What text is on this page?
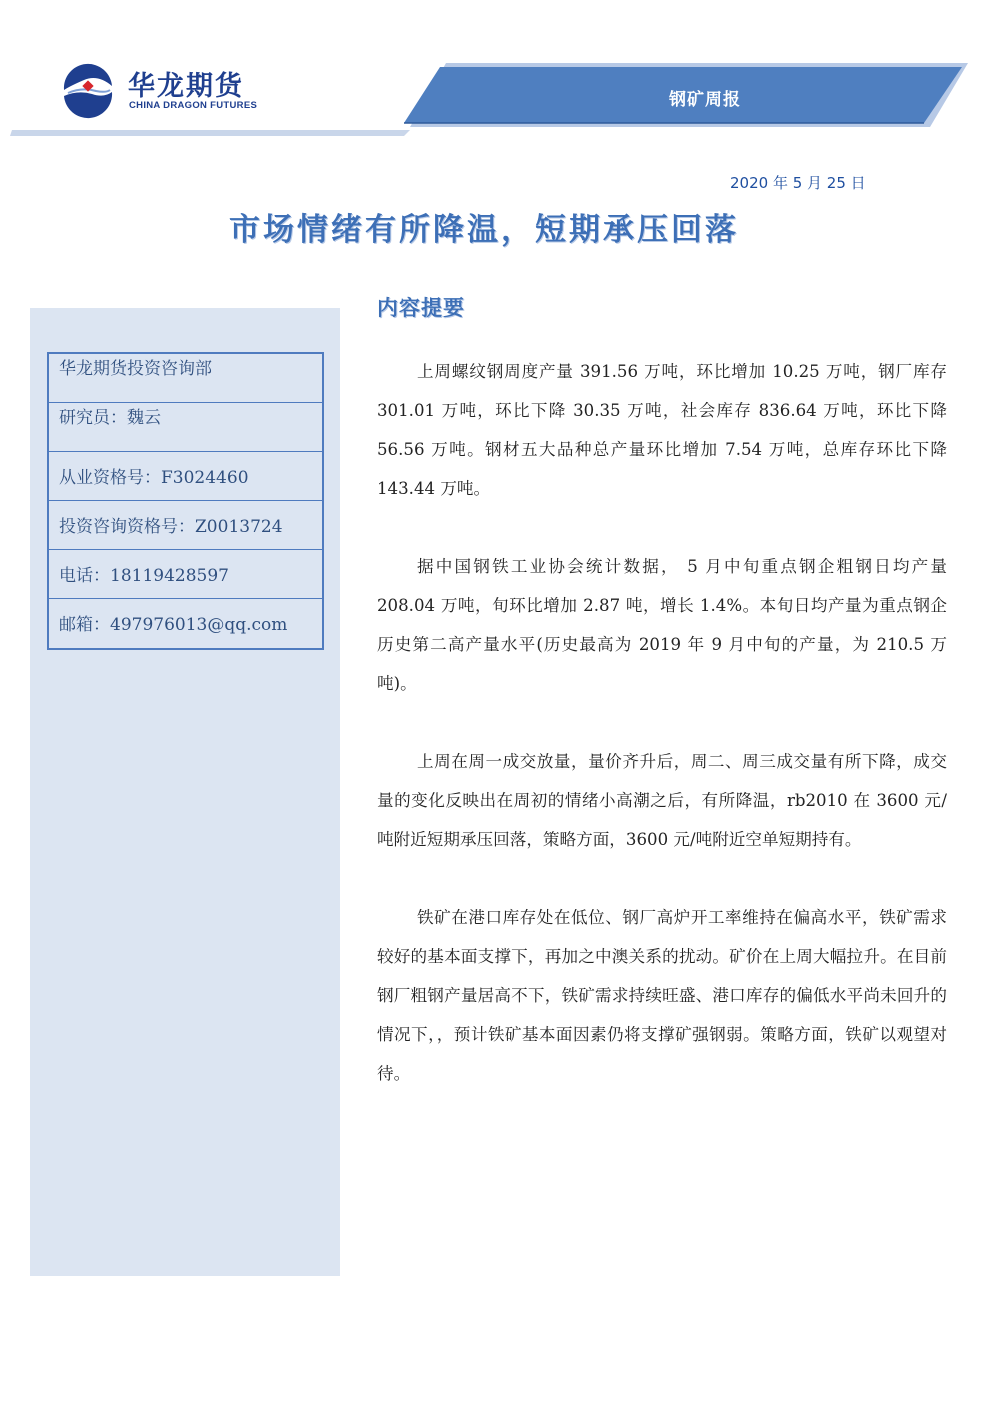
华龙期货
CHINA DRAGON FUTURES	钢矿周报
2020 年 5 月 25 日
市场情绪有所降温，短期承压回落
华龙期货投资咨询部
研究员：魏云
从业资格号：F3024460
投资咨询资格号：Z0013724
电话：18119428597
邮箱：497976013@qq.com
内容提要

上周螺纹钢周度产量 391.56 万吨，环比增加 10.25 万吨，钢厂库存 301.01 万吨，环比下降 30.35 万吨，社会库存 836.64 万吨，环比下降 56.56 万吨。钢材五大品种总产量环比增加 7.54 万吨，总库存环比下降 143.44 万吨。

据中国钢铁工业协会统计数据， 5 月中旬重点钢企粗钢日均产量 208.04 万吨，旬环比增加 2.87 吨，增长 1.4%。本旬日均产量为重点钢企历史第二高产量水平(历史最高为 2019 年 9 月中旬的产量，为 210.5 万吨)。

上周在周一成交放量，量价齐升后，周二、周三成交量有所下降，成交量的变化反映出在周初的情绪小高潮之后，有所降温，rb2010 在 3600 元/吨附近短期承压回落，策略方面，3600 元/吨附近空单短期持有。

铁矿在港口库存处在低位、钢厂高炉开工率维持在偏高水平，铁矿需求较好的基本面支撑下，再加之中澳关系的扰动。矿价在上周大幅拉升。在目前钢厂粗钢产量居高不下，铁矿需求持续旺盛、港口库存的偏低水平尚未回升的情况下，，预计铁矿基本面因素仍将支撑矿强钢弱。策略方面，铁矿以观望对待。
